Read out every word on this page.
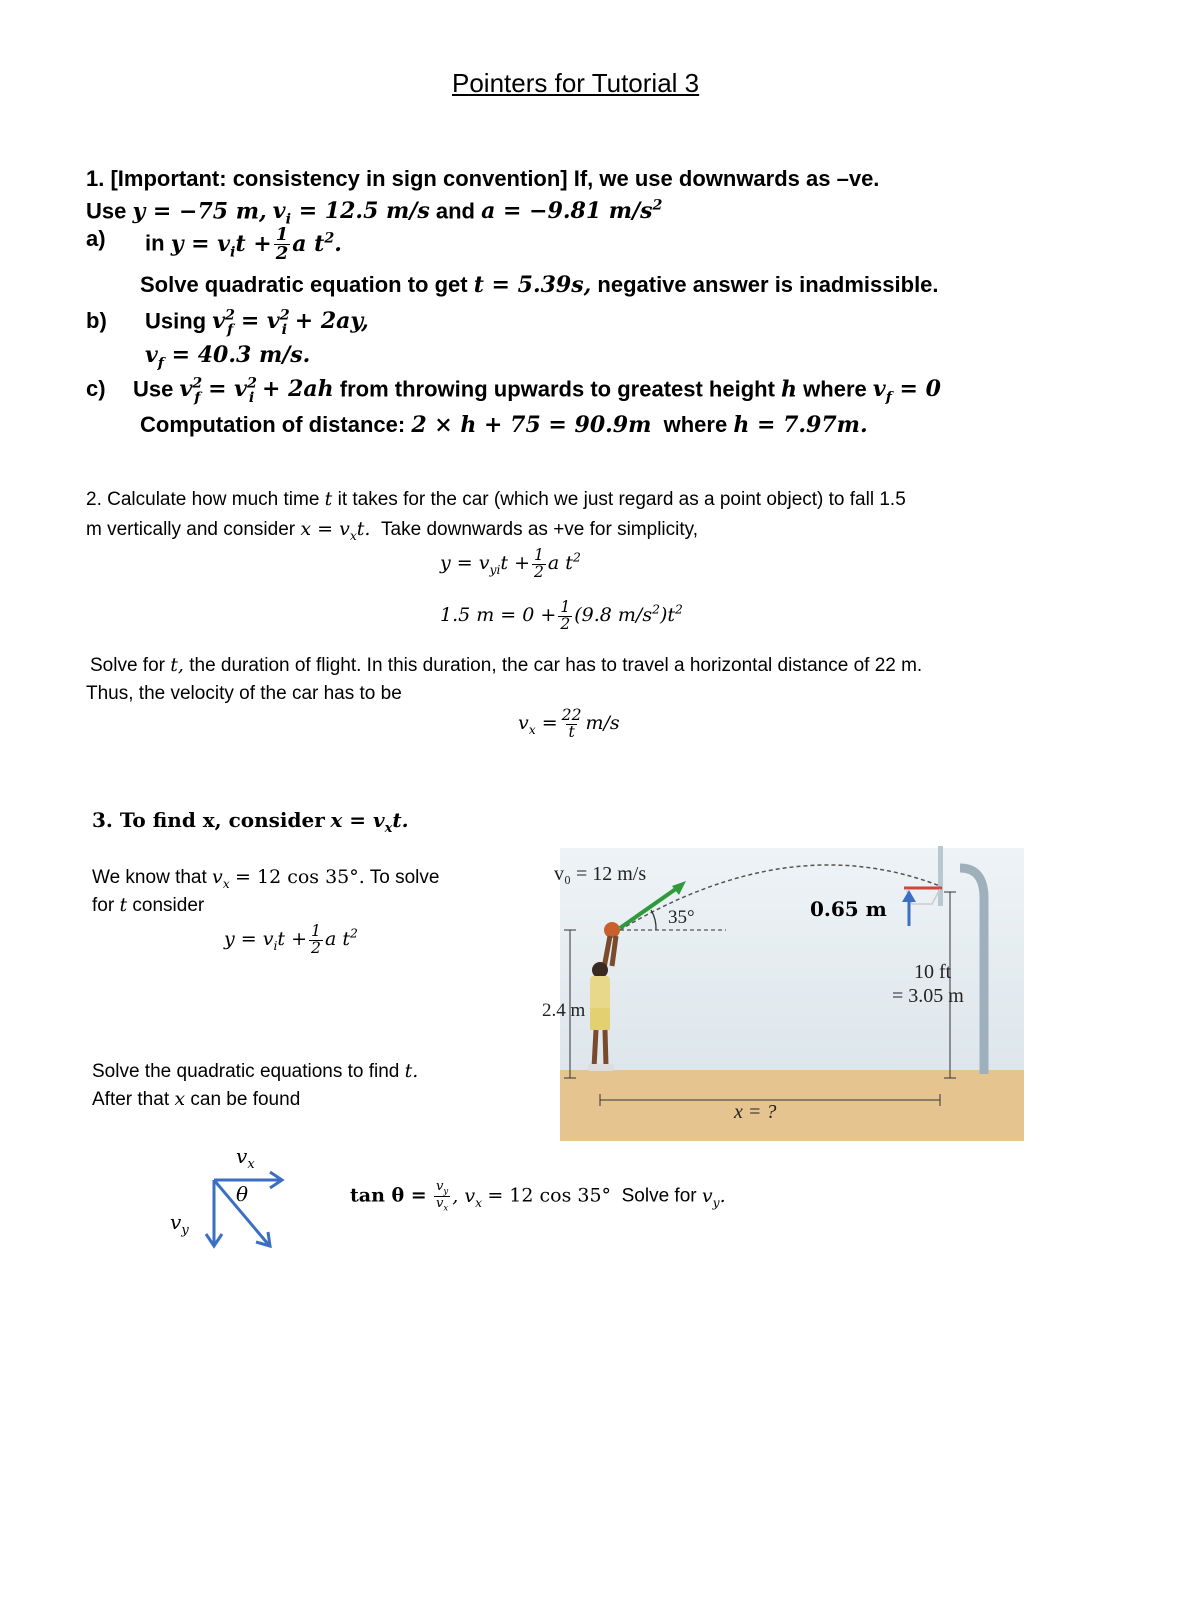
Pointers for Tutorial 3
1. [Important: consistency in sign convention] If, we use downwards as –ve.
Use y = −75 m, $v_i = 12.5$ m/s and a = −9.81 $m/s^2$
a) in $y = v_it + \frac{1}{2}$ a $t^2$.
Solve quadratic equation to get t = 5.39s, negative answer is inadmissible.
b) Using $v^2_f = v^2_i + 2ay$,
$v_f = 40.3$ m/s.
c) Use $v^2_f = v^2_i + 2ah$ from throwing upwards to greatest height h where $v_f = 0$
Computation of distance: 2 × h + 75 = 90.9m where h = 7.97m.
2. Calculate how much time t it takes for the car (which we just regard as a point object) to fall 1.5
m vertically and consider $x = v_xt$. Take downwards as +ve for simplicity,
$y = v_{yi}t + \frac{1}{2}$ a $t^2$
1.5 $m = 0 + \frac{1}{2} (9.8$ $m/s^2)t^2$
Solve for t, the duration of flight. In this duration, the car has to travel a horizontal distance of 22 m.
Thus, the velocity of the car has to be
$v_x = \frac{22}{t} m/s$
3. To find x, consider $x = v_xt$.
We know that $v_x = 12$ cos 35°. To solve
for t consider
$y = v_it + \frac{1}{2}$ a $t^2$
Solve the quadratic equations to find t.
After that x can be found
v₀ = 12 m/s
35°
2.4 m
0.65 m
10 ft
= 3.05 m
x = ?
$v_x$
θ
$v_y$
$\tan \theta = \frac{v_y}{v_x}$ , $v_x = 12$ cos 35° Solve for $v_y$.
